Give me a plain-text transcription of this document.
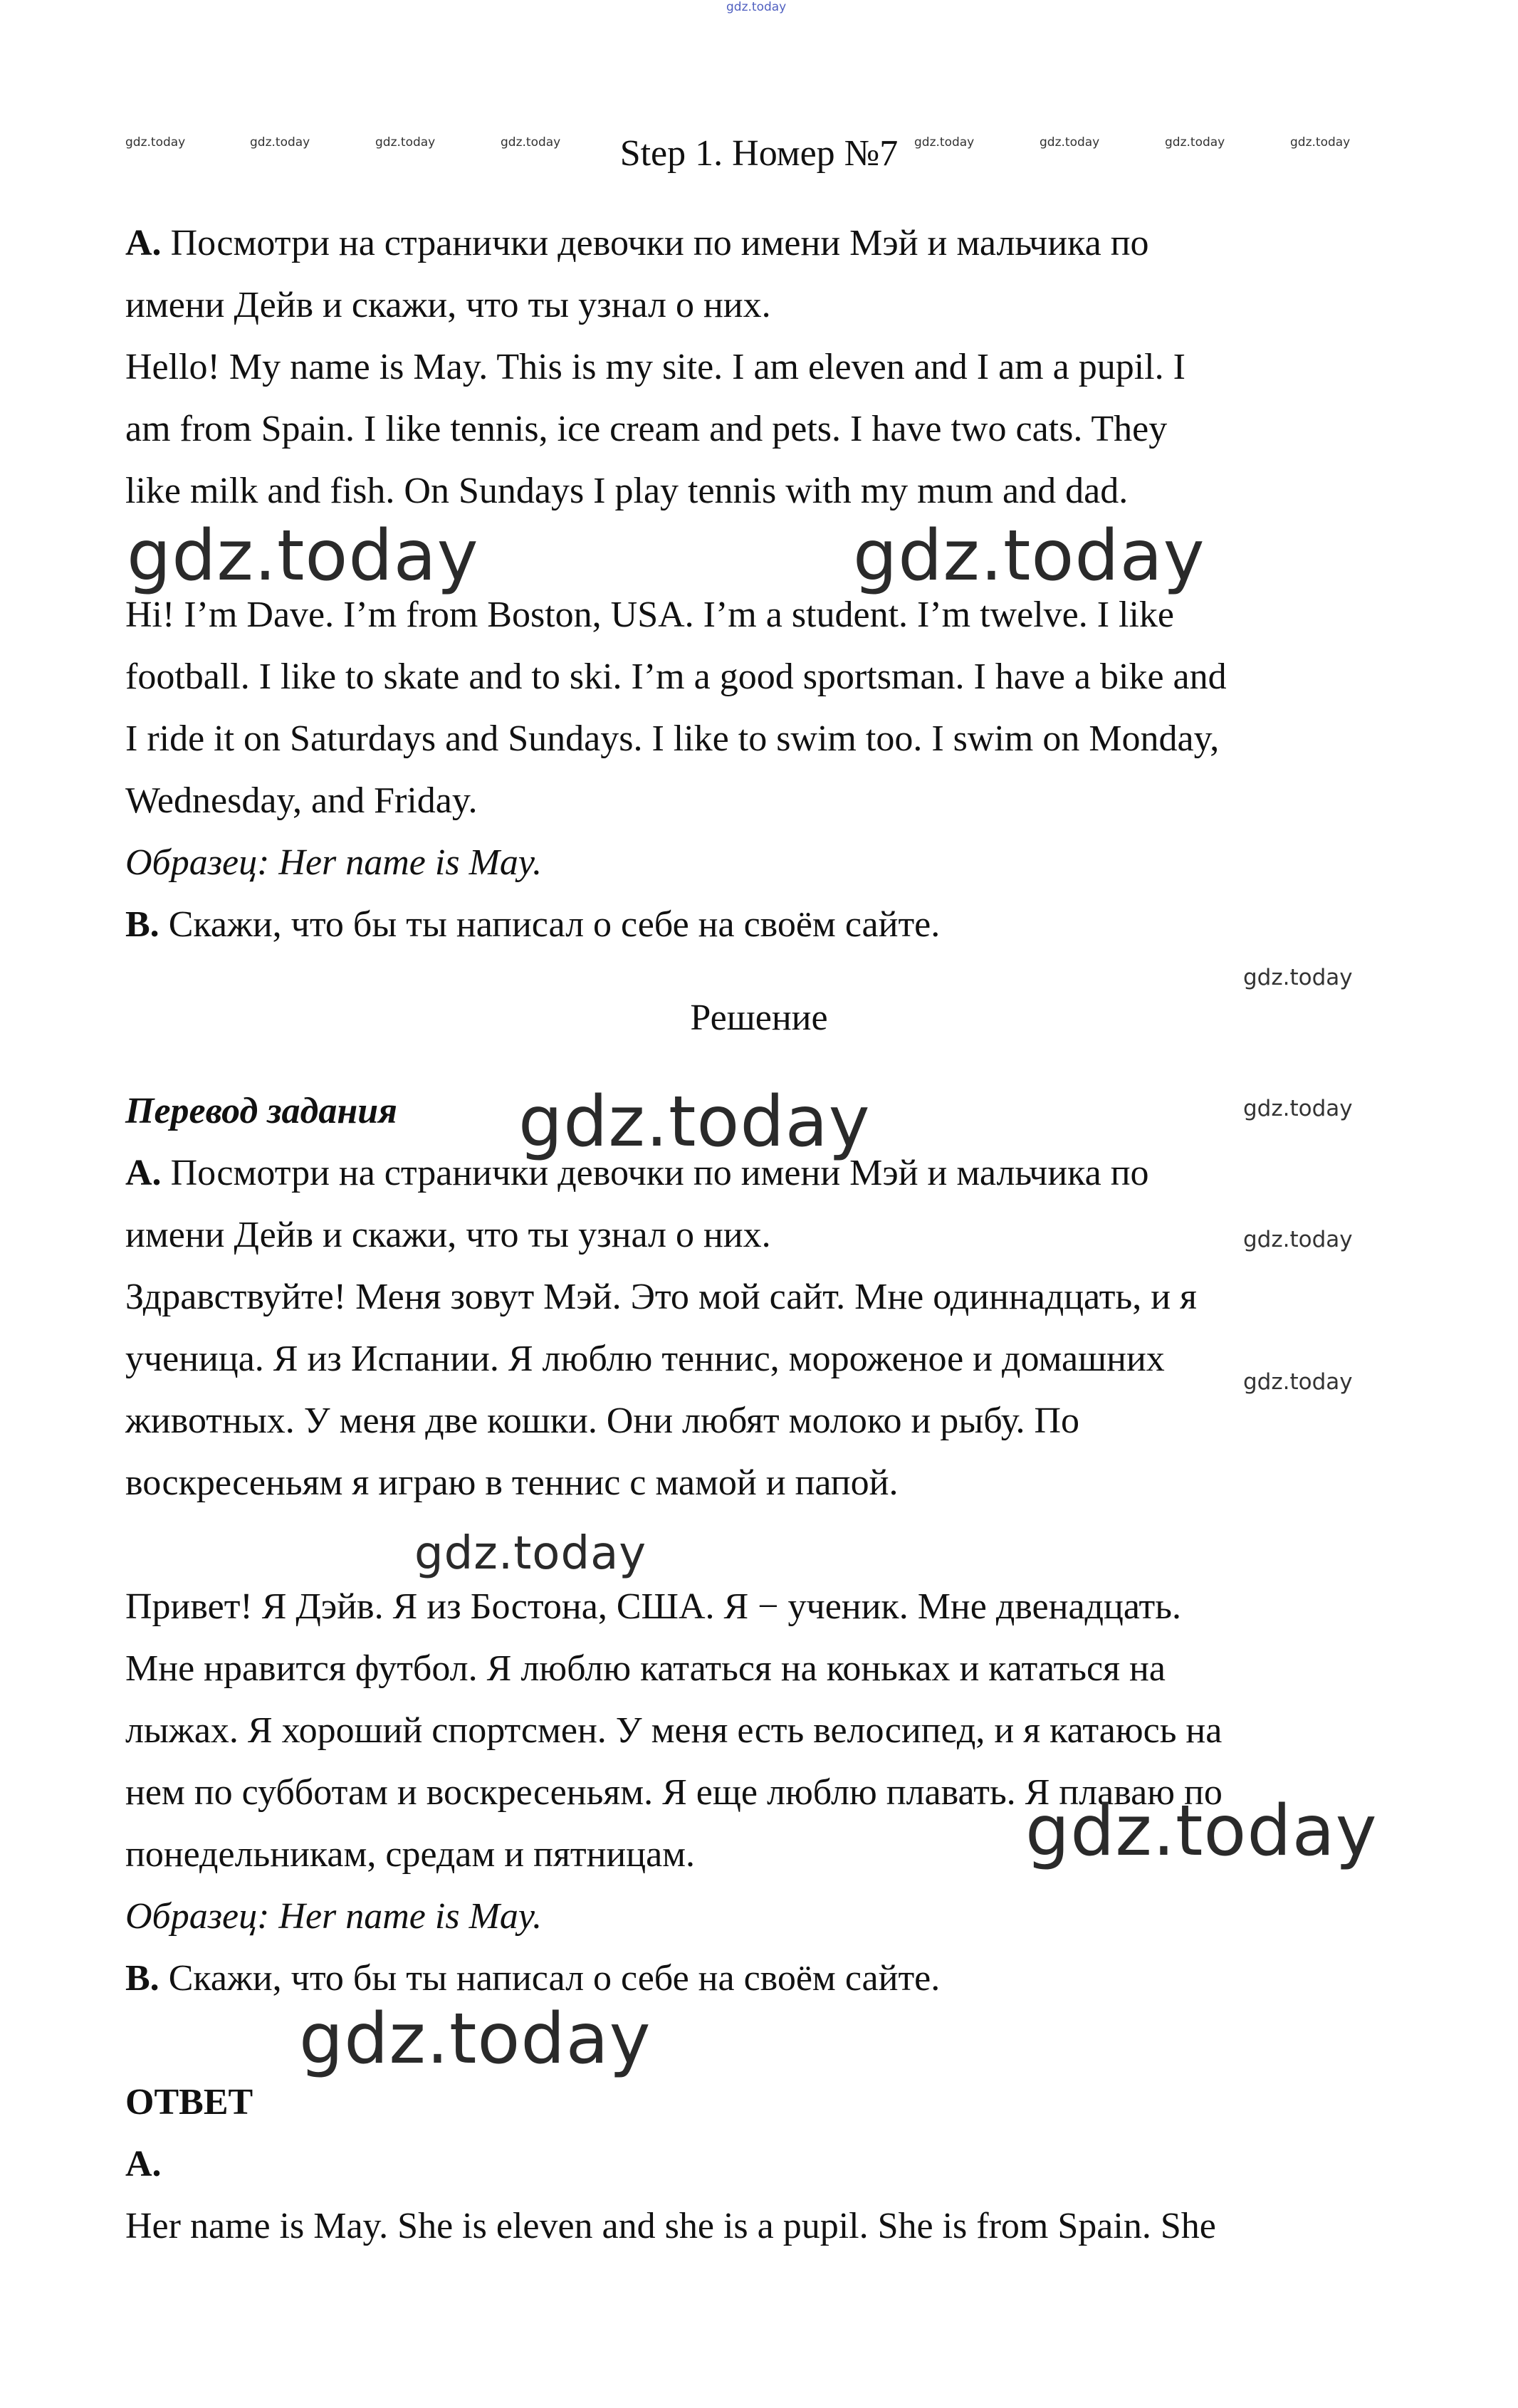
gdz.today
gdz.today	gdz.today	gdz.today	gdz.today	gdz.today	gdz.today	gdz.today	gdz.today
Step 1. Номер №7
A. Посмотри на странички девочки по имени Мэй и мальчика по
имени Дейв и скажи, что ты узнал о них.
Hello! My name is May. This is my site. I am eleven and I am a pupil. I
am from Spain. I like tennis, ice cream and pets. I have two cats. They
like milk and fish. On Sundays I play tennis with my mum and dad.
gdz.today	gdz.today
Hi! I’m Dave. I’m from Boston, USA. I’m a student. I’m twelve. I like
football. I like to skate and to ski. I’m a good sportsman. I have a bike and
I ride it on Saturdays and Sundays. I like to swim too. I swim on Monday,
Wednesday, and Friday.
Образец: Her name is May.
B. Скажи, что бы ты написал о себе на своём сайте.
gdz.today
Решение
Перевод задания gdz.today	gdz.today
A. Посмотри на странички девочки по имени Мэй и мальчика по
имени Дейв и скажи, что ты узнал о них.	gdz.today
Здравствуйте! Меня зовут Мэй. Это мой сайт. Мне одиннадцать, и я
ученица. Я из Испании. Я люблю теннис, мороженое и домашних
gdz.today
животных. У меня две кошки. Они любят молоко и рыбу. По
воскресеньям я играю в теннис с мамой и папой.
gdz.today
Привет! Я Дэйв. Я из Бостона, США. Я − ученик. Мне двенадцать.
Мне нравится футбол. Я люблю кататься на коньках и кататься на
лыжах. Я хороший спортсмен. У меня есть велосипед, и я катаюсь на
нем по субботам и воскресеньям. Я еще люблю плавать. Я плаваю по
понедельникам, средам и пятницам.	gdz.today
Образец: Her name is May.
B. Скажи, что бы ты написал о себе на своём сайте.
gdz.today
ОТВЕТ
A.
Her name is May. She is eleven and she is a pupil. She is from Spain. She
